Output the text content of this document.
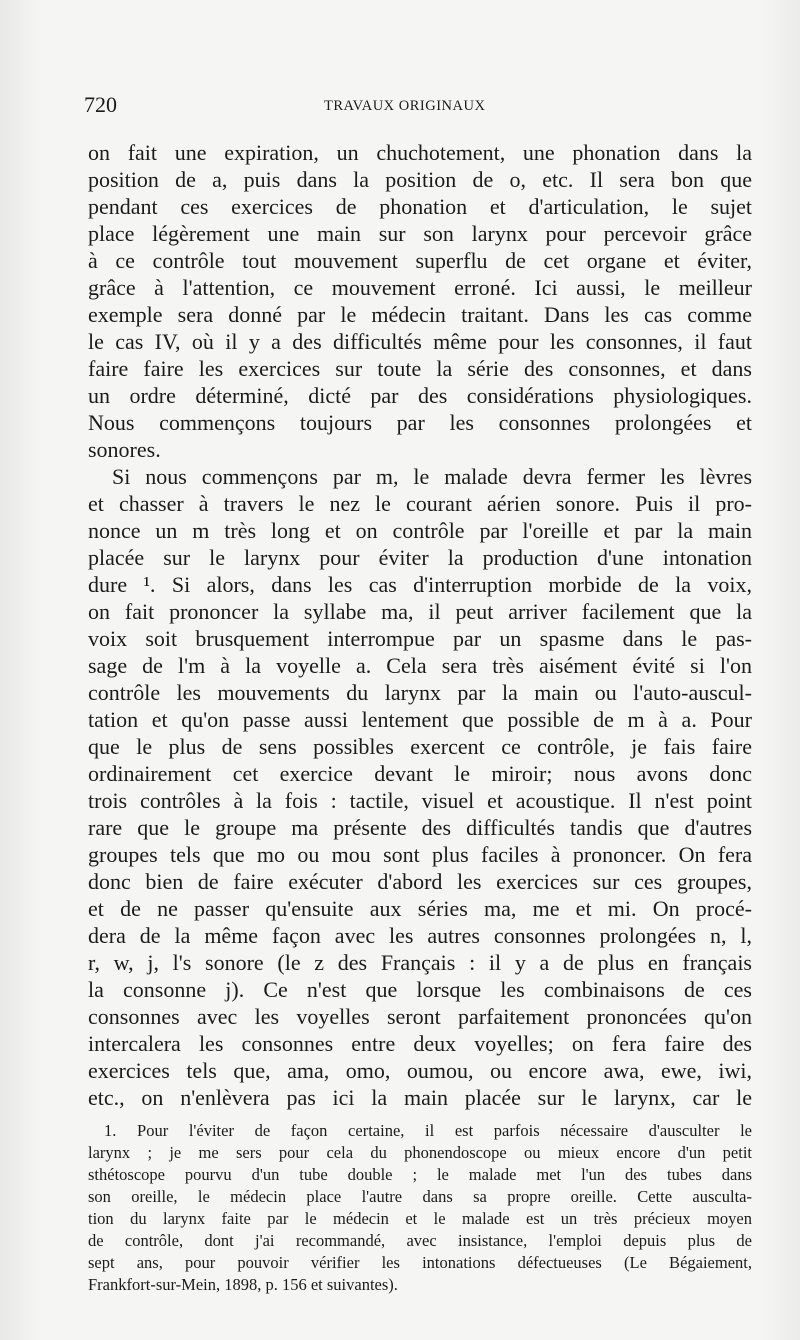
720	TRAVAUX ORIGINAUX
on fait une expiration, un chuchotement, une phonation dans la
position de a, puis dans la position de o, etc. Il sera bon que
pendant ces exercices de phonation et d'articulation, le sujet
place légèrement une main sur son larynx pour percevoir grâce
à ce contrôle tout mouvement superflu de cet organe et éviter,
grâce à l'attention, ce mouvement erroné. Ici aussi, le meilleur
exemple sera donné par le médecin traitant. Dans les cas comme
le cas IV, où il y a des difficultés même pour les consonnes, il faut
faire faire les exercices sur toute la série des consonnes, et dans
un ordre déterminé, dicté par des considérations physiologiques.
Nous commençons toujours par les consonnes prolongées et
sonores.
Si nous commençons par m, le malade devra fermer les lèvres
et chasser à travers le nez le courant aérien sonore. Puis il pro-
nonce un m très long et on contrôle par l'oreille et par la main
placée sur le larynx pour éviter la production d'une intonation
dure ¹. Si alors, dans les cas d'interruption morbide de la voix,
on fait prononcer la syllabe ma, il peut arriver facilement que la
voix soit brusquement interrompue par un spasme dans le pas-
sage de l'm à la voyelle a. Cela sera très aisément évité si l'on
contrôle les mouvements du larynx par la main ou l'auto-auscul-
tation et qu'on passe aussi lentement que possible de m à a. Pour
que le plus de sens possibles exercent ce contrôle, je fais faire
ordinairement cet exercice devant le miroir; nous avons donc
trois contrôles à la fois : tactile, visuel et acoustique. Il n'est point
rare que le groupe ma présente des difficultés tandis que d'autres
groupes tels que mo ou mou sont plus faciles à prononcer. On fera
donc bien de faire exécuter d'abord les exercices sur ces groupes,
et de ne passer qu'ensuite aux séries ma, me et mi. On procé-
dera de la même façon avec les autres consonnes prolongées n, l,
r, w, j, l's sonore (le z des Français : il y a de plus en français
la consonne j). Ce n'est que lorsque les combinaisons de ces
consonnes avec les voyelles seront parfaitement prononcées qu'on
intercalera les consonnes entre deux voyelles; on fera faire des
exercices tels que, ama, omo, oumou, ou encore awa, ewe, iwi,
etc., on n'enlèvera pas ici la main placée sur le larynx, car le
1. Pour l'éviter de façon certaine, il est parfois nécessaire d'ausculter le
larynx ; je me sers pour cela du phonendoscope ou mieux encore d'un petit
sthétoscope pourvu d'un tube double ; le malade met l'un des tubes dans
son oreille, le médecin place l'autre dans sa propre oreille. Cette ausculta-
tion du larynx faite par le médecin et le malade est un très précieux moyen
de contrôle, dont j'ai recommandé, avec insistance, l'emploi depuis plus de
sept ans, pour pouvoir vérifier les intonations défectueuses (Le Bégaiement,
Frankfort-sur-Mein, 1898, p. 156 et suivantes).
